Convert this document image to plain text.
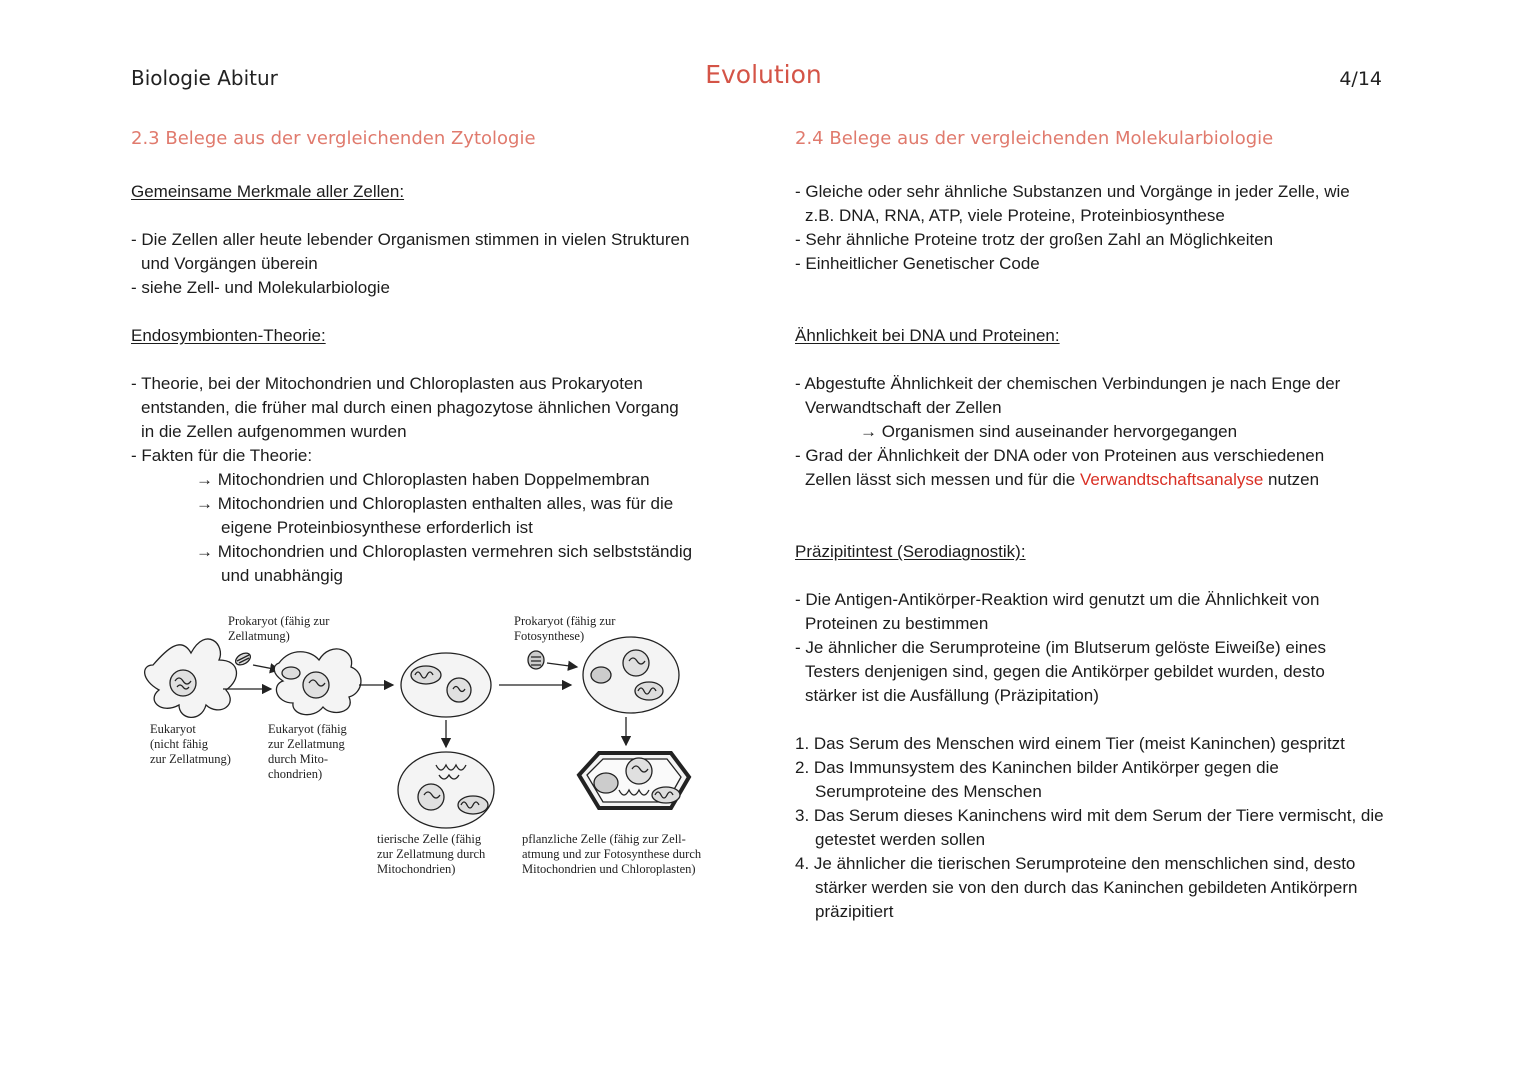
Biologie Abitur	Evolution	4/14
2.3 Belege aus der vergleichenden Zytologie
Gemeinsame Merkmale aller Zellen:

- Die Zellen aller heute lebender Organismen stimmen in vielen Strukturen

und Vorgängen überein

- siehe Zell- und Molekularbiologie

Endosymbionten-Theorie:

- Theorie, bei der Mitochondrien und Chloroplasten aus Prokaryoten

entstanden, die früher mal durch einen phagozytose ähnlichen Vorgang

in die Zellen aufgenommen wurden

- Fakten für die Theorie:

→ Mitochondrien und Chloroplasten haben Doppelmembran

→ Mitochondrien und Chloroplasten enthalten alles, was für die

eigene Proteinbiosynthese erforderlich ist

→ Mitochondrien und Chloroplasten vermehren sich selbstständig

und unabhängig

Prokaryot (fähig zur
Zellatmung)
Prokaryot (fähig zur
Fotosynthese)
Eukaryot
(nicht fähig
zur Zellatmung)
Eukaryot (fähig
zur Zellatmung
durch Mito-
chondrien)
tierische Zelle (fähig
zur Zellatmung durch
Mitochondrien)
pflanzliche Zelle (fähig zur Zell-
atmung und zur Fotosynthese durch
Mitochondrien und Chloroplasten)
2.4 Belege aus der vergleichenden Molekularbiologie

- Gleiche oder sehr ähnliche Substanzen und Vorgänge in jeder Zelle, wie

z.B. DNA, RNA, ATP, viele Proteine, Proteinbiosynthese

- Sehr ähnliche Proteine trotz der großen Zahl an Möglichkeiten

- Einheitlicher Genetischer Code

Ähnlichkeit bei DNA und Proteinen:

- Abgestufte Ähnlichkeit der chemischen Verbindungen je nach Enge der

Verwandtschaft der Zellen

→ Organismen sind auseinander hervorgegangen

- Grad der Ähnlichkeit der DNA oder von Proteinen aus verschiedenen

Zellen lässt sich messen und für die Verwandtschaftsanalyse nutzen

Präzipitintest (Serodiagnostik):

- Die Antigen-Antikörper-Reaktion wird genutzt um die Ähnlichkeit von

Proteinen zu bestimmen

- Je ähnlicher die Serumproteine (im Blutserum gelöste Eiweiße) eines

Testers denjenigen sind, gegen die Antikörper gebildet wurden, desto

stärker ist die Ausfällung (Präzipitation)

1. Das Serum des Menschen wird einem Tier (meist Kaninchen) gespritzt

2. Das Immunsystem des Kaninchen bilder Antikörper gegen die Serumproteine des Menschen

3. Das Serum dieses Kaninchens wird mit dem Serum der Tiere vermischt, die getestet werden sollen

4. Je ähnlicher die tierischen Serumproteine den menschlichen sind, desto stärker werden sie von den durch das Kaninchen gebildeten Antikörpern präzipitiert
